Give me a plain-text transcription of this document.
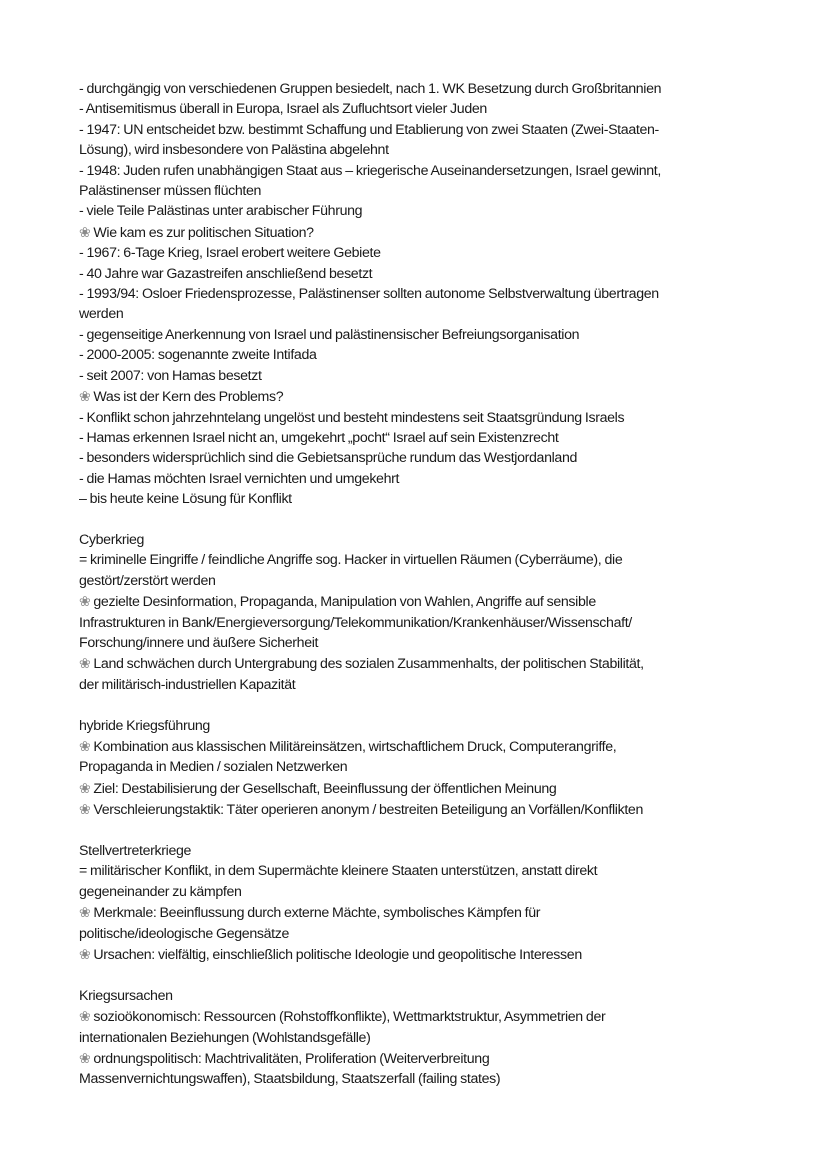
- durchgängig von verschiedenen Gruppen besiedelt, nach 1. WK Besetzung durch Großbritannien
- Antisemitismus überall in Europa, Israel als Zufluchtsort vieler Juden
- 1947: UN entscheidet bzw. bestimmt Schaffung und Etablierung von zwei Staaten (Zwei-Staaten-
Lösung), wird insbesondere von Palästina abgelehnt
- 1948: Juden rufen unabhängigen Staat aus – kriegerische Auseinandersetzungen, Israel gewinnt,
Palästinenser müssen flüchten
- viele Teile Palästinas unter arabischer Führung
❀ Wie kam es zur politischen Situation?
- 1967: 6-Tage Krieg, Israel erobert weitere Gebiete
- 40 Jahre war Gazastreifen anschließend besetzt
- 1993/94: Osloer Friedensprozesse, Palästinenser sollten autonome Selbstverwaltung übertragen
werden
- gegenseitige Anerkennung von Israel und palästinensischer Befreiungsorganisation
- 2000-2005: sogenannte zweite Intifada
- seit 2007: von Hamas besetzt
❀ Was ist der Kern des Problems?
- Konflikt schon jahrzehntelang ungelöst und besteht mindestens seit Staatsgründung Israels
- Hamas erkennen Israel nicht an, umgekehrt „pocht“ Israel auf sein Existenzrecht
- besonders widersprüchlich sind die Gebietsansprüche rundum das Westjordanland
- die Hamas möchten Israel vernichten und umgekehrt
– bis heute keine Lösung für Konflikt
Cyberkrieg
= kriminelle Eingriffe / feindliche Angriffe sog. Hacker in virtuellen Räumen (Cyberräume), die
gestört/zerstört werden
❀ gezielte Desinformation, Propaganda, Manipulation von Wahlen, Angriffe auf sensible
Infrastrukturen in Bank/Energieversorgung/Telekommunikation/Krankenhäuser/Wissenschaft/
Forschung/innere und äußere Sicherheit
❀ Land schwächen durch Untergrabung des sozialen Zusammenhalts, der politischen Stabilität,
der militärisch-industriellen Kapazität
hybride Kriegsführung
❀ Kombination aus klassischen Militäreinsätzen, wirtschaftlichem Druck, Computerangriffe,
Propaganda in Medien / sozialen Netzwerken
❀ Ziel: Destabilisierung der Gesellschaft, Beeinflussung der öffentlichen Meinung
❀ Verschleierungstaktik: Täter operieren anonym / bestreiten Beteiligung an Vorfällen/Konflikten
Stellvertreterkriege
= militärischer Konflikt, in dem Supermächte kleinere Staaten unterstützen, anstatt direkt
gegeneinander zu kämpfen
❀ Merkmale: Beeinflussung durch externe Mächte, symbolisches Kämpfen für
politische/ideologische Gegensätze
❀ Ursachen: vielfältig, einschließlich politische Ideologie und geopolitische Interessen
Kriegsursachen
❀ sozioökonomisch: Ressourcen (Rohstoffkonflikte), Wettmarktstruktur, Asymmetrien der
internationalen Beziehungen (Wohlstandsgefälle)
❀ ordnungspolitisch: Machtrivalitäten, Proliferation (Weiterverbreitung
Massenvernichtungswaffen), Staatsbildung, Staatszerfall (failing states)
